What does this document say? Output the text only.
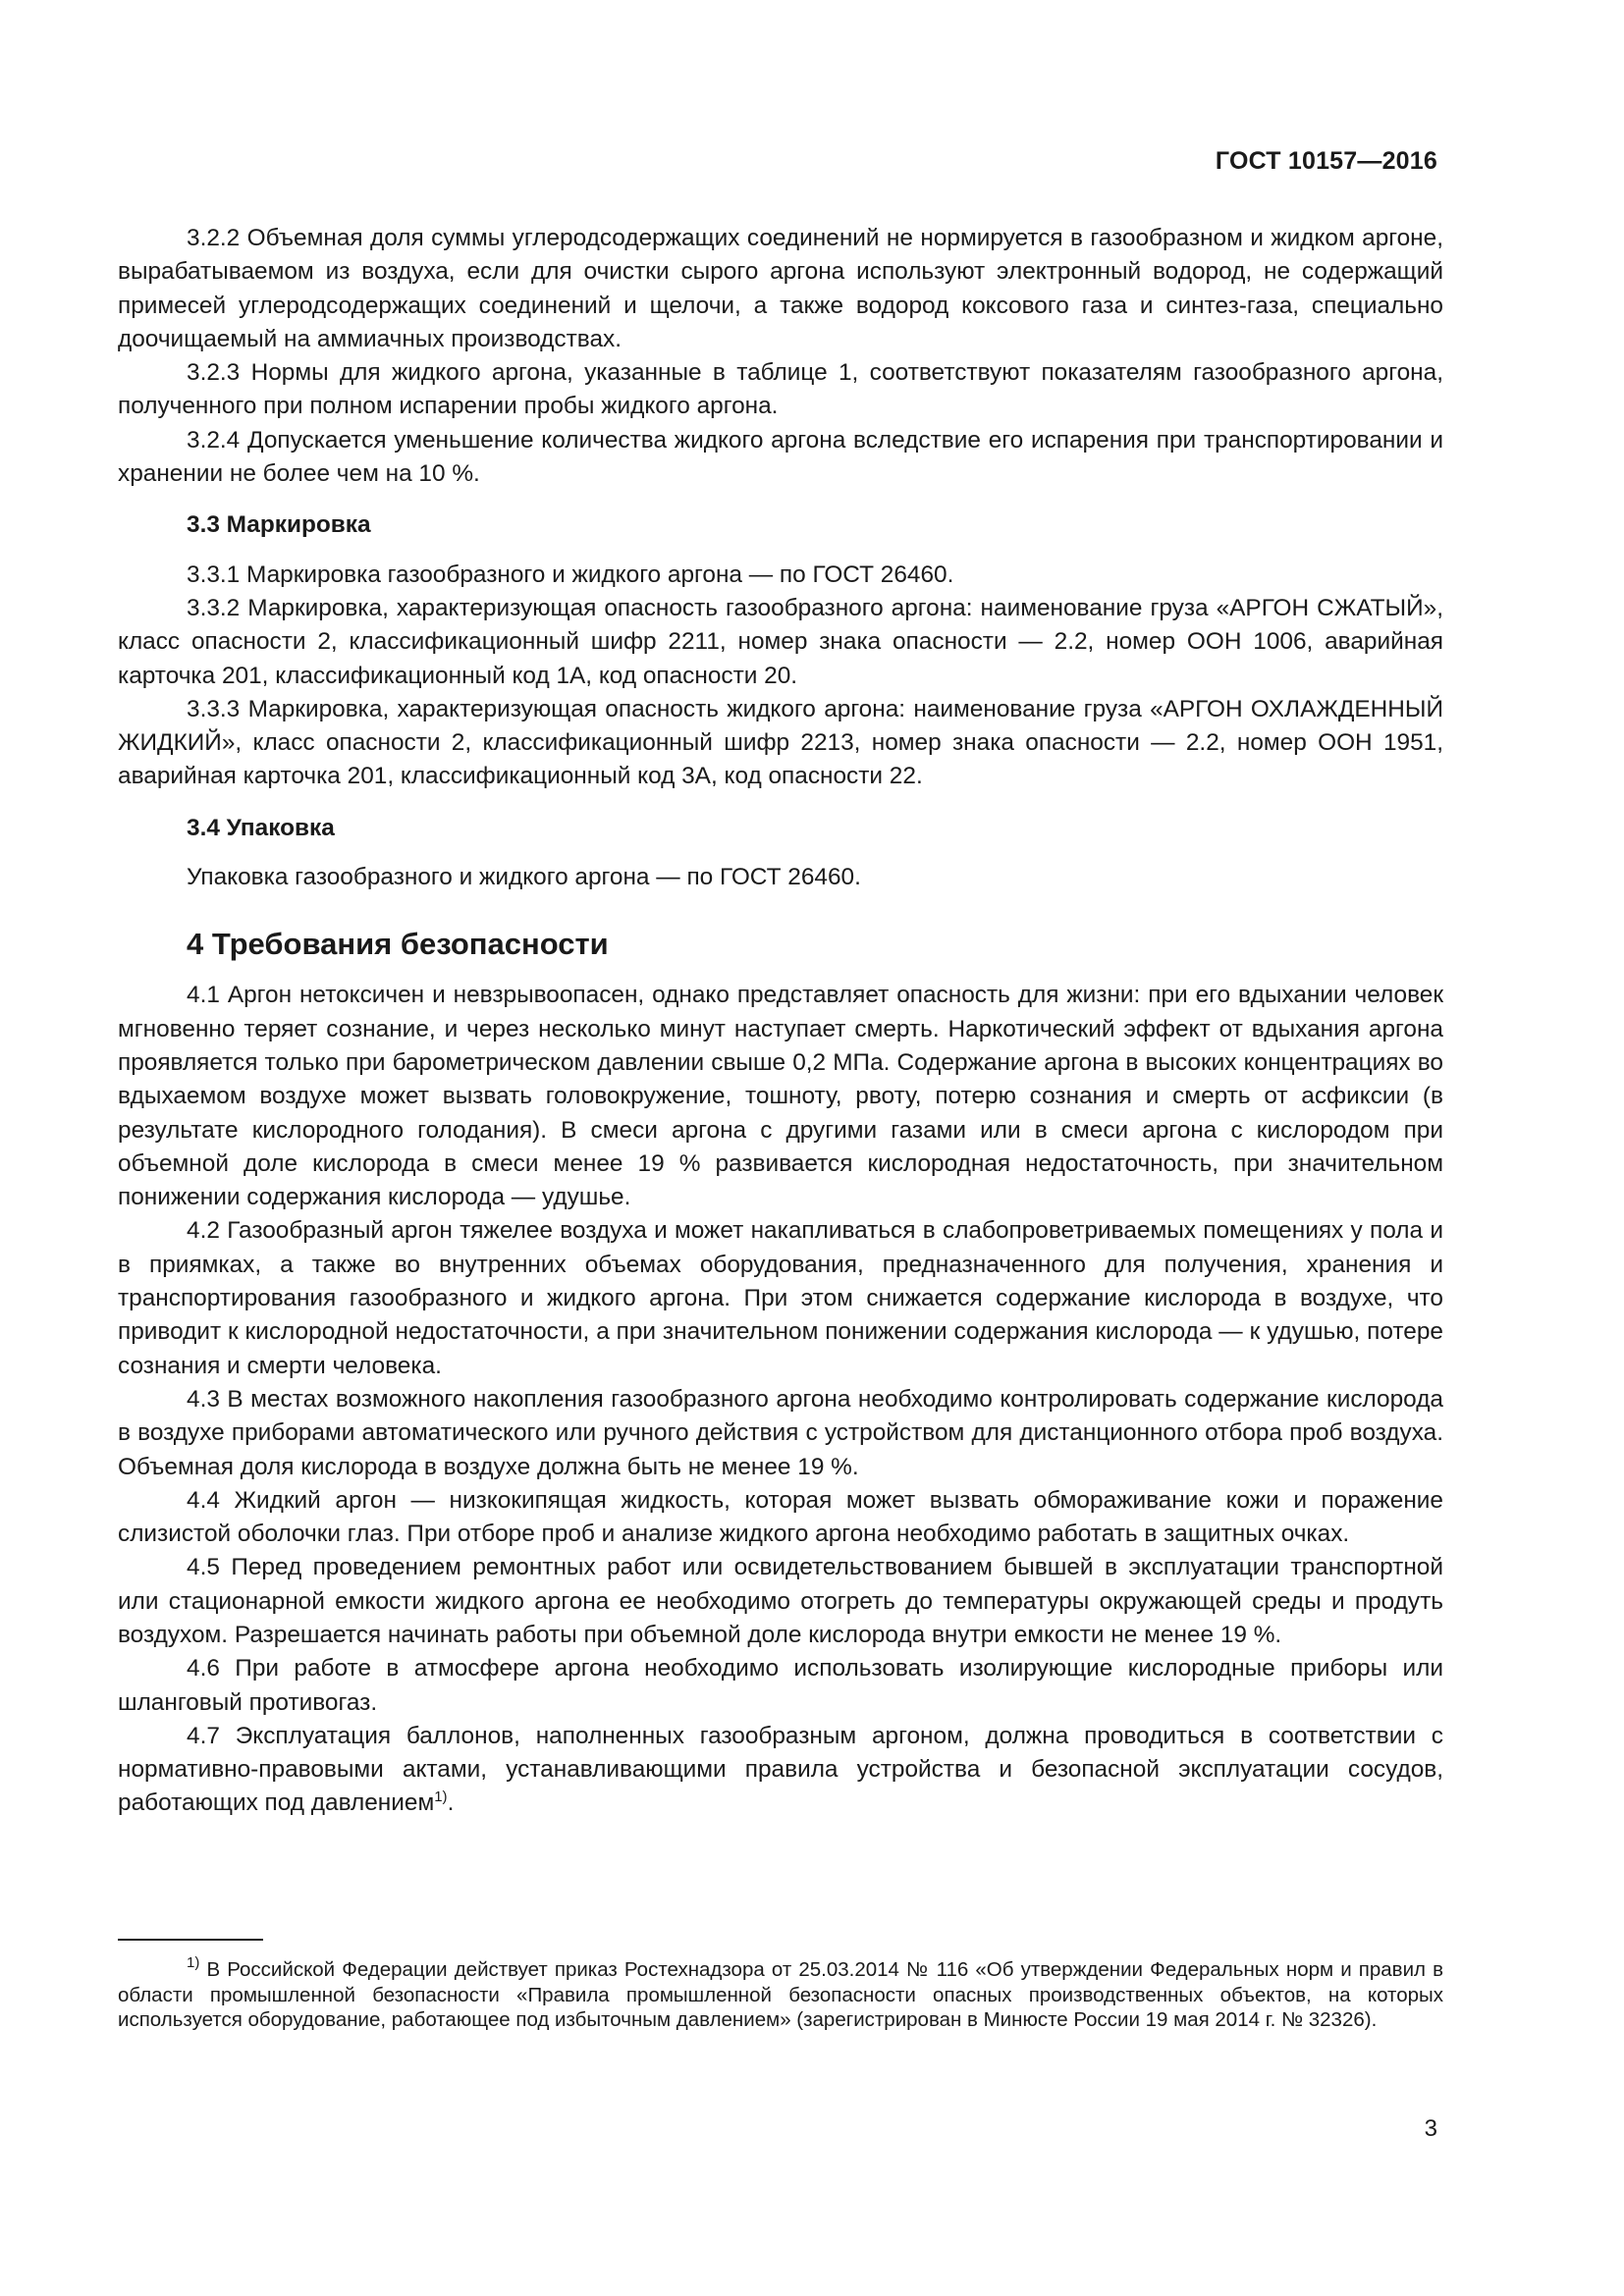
ГОСТ 10157—2016

3.2.2 Объемная доля суммы углеродсодержащих соединений не нормируется в газообразном и жидком аргоне, вырабатываемом из воздуха, если для очистки сырого аргона используют электронный водород, не содержащий примесей углеродсодержащих соединений и щелочи, а также водород коксового газа и синтез-газа, специально доочищаемый на аммиачных производствах.

3.2.3 Нормы для жидкого аргона, указанные в таблице 1, соответствуют показателям газообразного аргона, полученного при полном испарении пробы жидкого аргона.

3.2.4 Допускается уменьшение количества жидкого аргона вследствие его испарения при транспортировании и хранении не более чем на 10 %.

3.3 Маркировка

3.3.1 Маркировка газообразного и жидкого аргона — по ГОСТ 26460.

3.3.2 Маркировка, характеризующая опасность газообразного аргона: наименование груза «АРГОН СЖАТЫЙ», класс опасности 2, классификационный шифр 2211, номер знака опасности — 2.2, номер ООН 1006, аварийная карточка 201, классификационный код 1А, код опасности 20.

3.3.3 Маркировка, характеризующая опасность жидкого аргона: наименование груза «АРГОН ОХЛАЖДЕННЫЙ ЖИДКИЙ», класс опасности 2, классификационный шифр 2213, номер знака опасности — 2.2, номер ООН 1951, аварийная карточка 201, классификационный код 3А, код опасности 22.

3.4 Упаковка

Упаковка газообразного и жидкого аргона — по ГОСТ 26460.

4 Требования безопасности

4.1 Аргон нетоксичен и невзрывоопасен, однако представляет опасность для жизни: при его вдыхании человек мгновенно теряет сознание, и через несколько минут наступает смерть. Наркотический эффект от вдыхания аргона проявляется только при барометрическом давлении свыше 0,2 МПа. Содержание аргона в высоких концентрациях во вдыхаемом воздухе может вызвать головокружение, тошноту, рвоту, потерю сознания и смерть от асфиксии (в результате кислородного голодания). В смеси аргона с другими газами или в смеси аргона с кислородом при объемной доле кислорода в смеси менее 19 % развивается кислородная недостаточность, при значительном понижении содержания кислорода — удушье.

4.2 Газообразный аргон тяжелее воздуха и может накапливаться в слабопроветриваемых помещениях у пола и в приямках, а также во внутренних объемах оборудования, предназначенного для получения, хранения и транспортирования газообразного и жидкого аргона. При этом снижается содержание кислорода в воздухе, что приводит к кислородной недостаточности, а при значительном понижении содержания кислорода — к удушью, потере сознания и смерти человека.

4.3 В местах возможного накопления газообразного аргона необходимо контролировать содержание кислорода в воздухе приборами автоматического или ручного действия с устройством для дистанционного отбора проб воздуха. Объемная доля кислорода в воздухе должна быть не менее 19 %.

4.4 Жидкий аргон — низкокипящая жидкость, которая может вызвать обмораживание кожи и поражение слизистой оболочки глаз. При отборе проб и анализе жидкого аргона необходимо работать в защитных очках.

4.5 Перед проведением ремонтных работ или освидетельствованием бывшей в эксплуатации транспортной или стационарной емкости жидкого аргона ее необходимо отогреть до температуры окружающей среды и продуть воздухом. Разрешается начинать работы при объемной доле кислорода внутри емкости не менее 19 %.

4.6 При работе в атмосфере аргона необходимо использовать изолирующие кислородные приборы или шланговый противогаз.

4.7 Эксплуатация баллонов, наполненных газообразным аргоном, должна проводиться в соответствии с нормативно-правовыми актами, устанавливающими правила устройства и безопасной эксплуатации сосудов, работающих под давлением$^{1)}$.

$^{1)}$ В Российской Федерации действует приказ Ростехнадзора от 25.03.2014 № 116 «Об утверждении Федеральных норм и правил в области промышленной безопасности «Правила промышленной безопасности опасных производственных объектов, на которых используется оборудование, работающее под избыточным давлением» (зарегистрирован в Минюсте России 19 мая 2014 г. № 32326).

3
